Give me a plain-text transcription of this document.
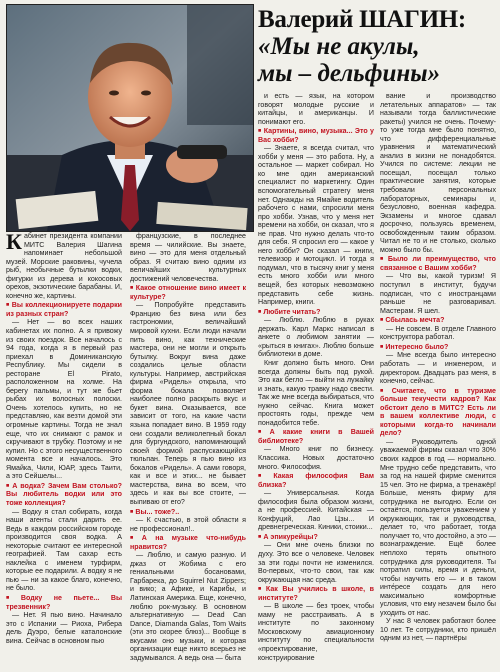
Валерий ШАГИН:
«Мы не акулы,
мы – дельфины»

Кабинет президента компании МИТС Валерия Шагина напоминает небольшой музей. Морские раковины, чучела рыб, необычные бутылки водки, фигурки из дерева и кокосовых орехов, экзотические барабаны. И, конечно же, картины.

■ Вы коллекционируете подарки из разных стран?

— Нет — во всех наших кабинетах их полно. А я привожу из своих поездок. Все началось с 94 года, когда я в первый раз приехал в Доминиканскую Республику. Мы сидели в ресторане El Pirato, расположенном на холме. На берегу пальмы, и тут же бьет рыбах их волосных полоски. Очень хотелось купить, но не представляю, как везти домой эти огромные картины. Тогда не знал еще, что их снимают с рамок и скручивают в трубку. Поэтому и не купил. Но с этого несущественного момента все и началось. Это Ямайка, Чили, ЮАР, здесь Таити, а это Сейшелы...

■ А водка? Зачем Вам столько? Вы любитель водки или это тоже коллекция?

— Водку я стал собирать, когда наши агенты стали дарить ее. Ведь в каждом российском городе производится своя водка. А некоторые считают ее интересной географией. Там сахар есть наклейка с именем турфирм, которые ее подарили. А водку я не пью — ни за какое благо, конечно, не было.

■ Водку не пьете... Вы трезвенник?

— Нет. Я пью вино. Начинало это с Испании — Риоха, Рибера дель Дуэро, белые каталонские вина. Сейчас в основном пью

французские, в последнее время — чилийские. Вы знаете, вино — это для меня отдельный образ. Я считаю вино одним из величайших культурных достижений человечества.

■ Какое отношение вино имеет к культуре?

— Попробуйте представить Францию без вина или без гастрономии, величайший мировой кухни. Если люди начали пить вино, как технические мастера, они не могли и открыть бутылку. Вокруг вина даже создались целые области культуры. Например, австрийская фирма «Ридель» открыла, что форма бокала позволяет наиболее полно раскрыть вкус и букет вина. Оказывается, все зависит от того, на какие части языка попадает вино. В 1959 году они создали великолепный бокал для бургундского, напоминающий своей формой распускающийся тюльпан. Теперь я пью вино из бокалов «Ридель». А сами говоря, как и все и этих... не бывает мастерства, вина во всем, что здесь и как вы все стоите, — выпиваю от его?

■ Вы... тоже?..

— К счастью, в этой области я не профессионал!..

■ А на музыке что-нибудь нравится?

— Люблю, и самую разную. И джаз от Жобима с его гениальными босановами, Гарбарека, до Squirrel Nut Zippers; и вико; а Афике, и Карибы, и Латинская Америка. Еще, конечно, люблю рок-музыку. В основном альтернативную — Dead Can Dance, Diamanda Galas, Tom Waits (эти это скорее блюз)... Вообще в вкусами оно музыки, и которая организации еще никто всерьез не задумывался. А ведь она — бытa

и есть — язык, на котором говорят молодые русские и китайцы, и американцы. И понимают его.

■ Картины, вино, музыка... Это у Вас хобби?

— Знаете, я всегда считал, что хобби у меня — это работа. Ну, а остальное — маркет собирал. Но ко мне один американский специалист по маркетингу. Один вспомогательный стратегу меня нет. Однажды на Ямайке водитель рабочего с нами, спросили меня про хобби. Узнав, что у меня нет времени на хобби, он сказал, что я не прав. Что нужно делать что-то для себя. Я спросил его — какое у него хобби? Он сказал — книги, телевизор и мотоцикл. И тогда я подумал, что в тысячу книг у меня есть много хобби или много вещей, без которых невозможно представить себе жизнь. Например, книги.

■ Любите читать?

— Люблю. Люблю в руках держать. Карл Маркс написал в анкете о любимом занятии — «рыться в книгах». Люблю больше библиотеки в доме.

Книг должно быть много. Они всегда должны быть под рукой. Это как бегло — выйти на лужайку и знать, какую травку надо свести. Так же мне всегда выбираться, что нужно сейчас. Книга может простоять годы, прежде чем понадобится тебе.

■ А какие книги в Вашей библиотеке?

— Много книг по бизнесу. Классика. Новых достаточно много. Философия.

■ Какая философия Вам близка?

— Универсальная. Когда философия была образом жизни, а не профессией. Китайская — Конфуций, Лао Цзы... И древнегреческая. Киники, стоики...

■ А эпикурейцы?

— Они мне очень близки по духу. Это все о человеке. Человек за эти годы почти не изменился. Во-первых, что-то свои, так как окружающая нас среда.

■ Как Вы учились в школе, в институте?

— В школе — без троек, чтобы маму не расстраивать. А в институте по законному Московскому авиационному институту по специальности «проектирование, конструирование

вание и производство летательных аппаратов» — так называли тогда баллистические ракеты) учился не очень. Почему-то уже тогда мне было понятно, что дифференциальные уравнения и математический анализ в жизни не понадобятся. Учился по системе: лекции не посещал, посещал только практические занятия, которые требовали персональных лабораторных, семинары и, безусловно, военная кафедра. Экзамены и многое сдавал досрочно, пользуясь временем, освобожденным таким образом. Читал не то и не столько, сколько можно было бы.

■ Было ли преимущество, что связанное с Вашим хобби?

— Что вы, какой туризм! Я поступил в институт, будучи подписан, что с иностранцами раньше не разговаривал. Мастерам. Я шел.

■ Сбылась мечта?

— Не совсем. В отделе Главного конструктора работал.

■ Интересно было?

— Мне всегда было интересно работать — и инженером, и директором. Двадцать раз меня, в конечно, сейчас.

■ Считаете, что в туризме больше текучести кадров? Как обстоит дело в МИТС? Есть ли в вашем коллективе люди, с которыми когда-то начинали дело?

— Руководитель одной уважаемой фирмы сказал что 30% своих кадров в год — нормально. Мне трудно себе представить, что за год на нашей фирме сменится 15 чел. Это не фирма, а тренажёр! Больше, менять фирму для сотрудника не выгодно. Если он остаётся, пользуется уважением у окружающих, так и руководства, делает то, что работает, тогда получает то, что достойно, а это — вознаграждение. Ещё более неплохо терять опытного сотрудника для руководителя. Ты потратил силы, время и деньги, чтобы научить его — и в таком инте́ресе создать для него максимально комфортные условия, что ему незачем было бы уходить от нас.

У нас 8 человек работают более 10 лет. Те сотрудники, кто пришёл одним из нет, — партнёры
